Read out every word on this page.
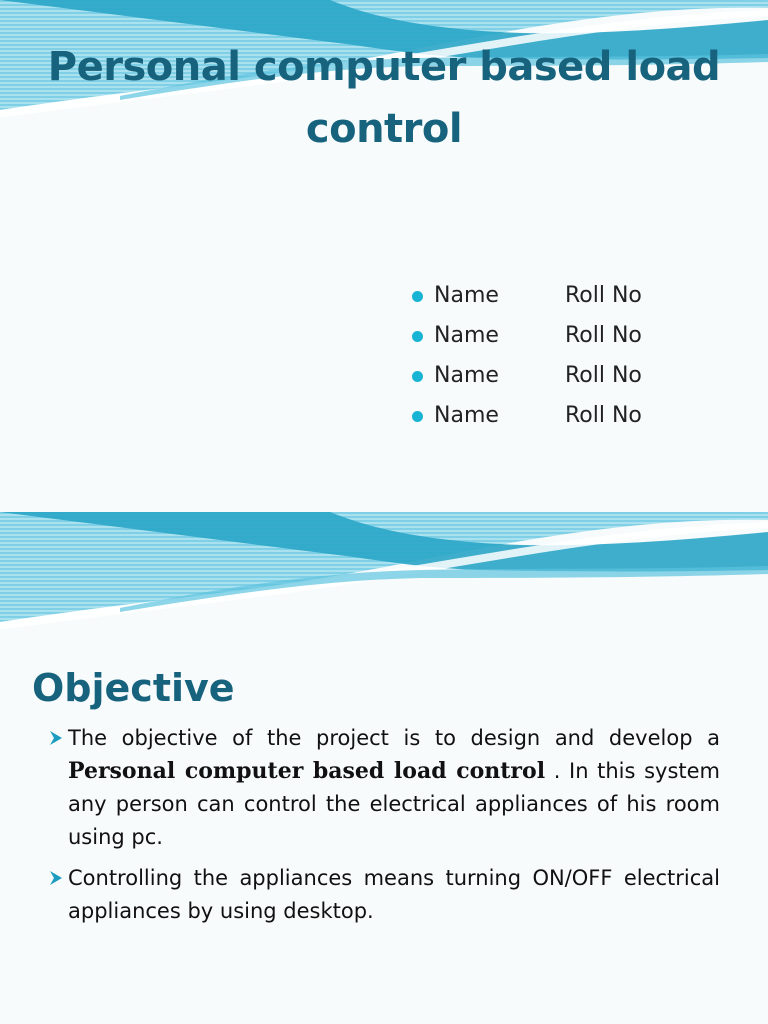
Personal computer based load
control
Name	Roll No
Name	Roll No
Name	Roll No
Name	Roll No
Objective
The objective of the project is to design and develop a Personal computer based load control . In this system any person can control the electrical appliances of his room using pc.
Controlling the appliances means turning ON/OFF electrical appliances by using desktop.
